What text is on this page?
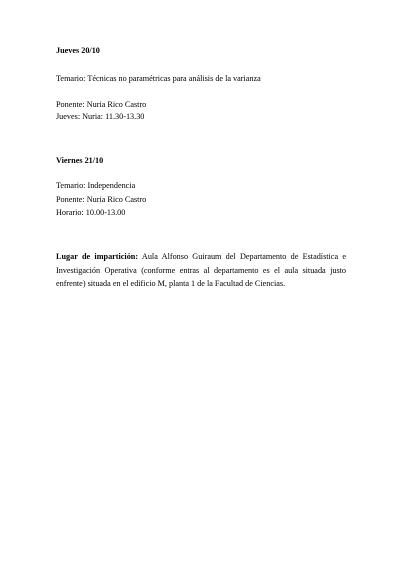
Jueves 20/10
Temario: Técnicas no paramétricas para análisis de la varianza
Ponente: Nuria Rico Castro
Jueves: Nuria: 11.30-13.30
Viernes 21/10
Temario: Independencia
Ponente: Nuria Rico Castro
Horario: 10.00-13.00
Lugar de impartición: Aula Alfonso Guiraum del Departamento de Estadística e Investigación Operativa (conforme entras al departamento es el aula situada justo enfrente) situada en el edificio M, planta 1 de la Facultad de Ciencias.
